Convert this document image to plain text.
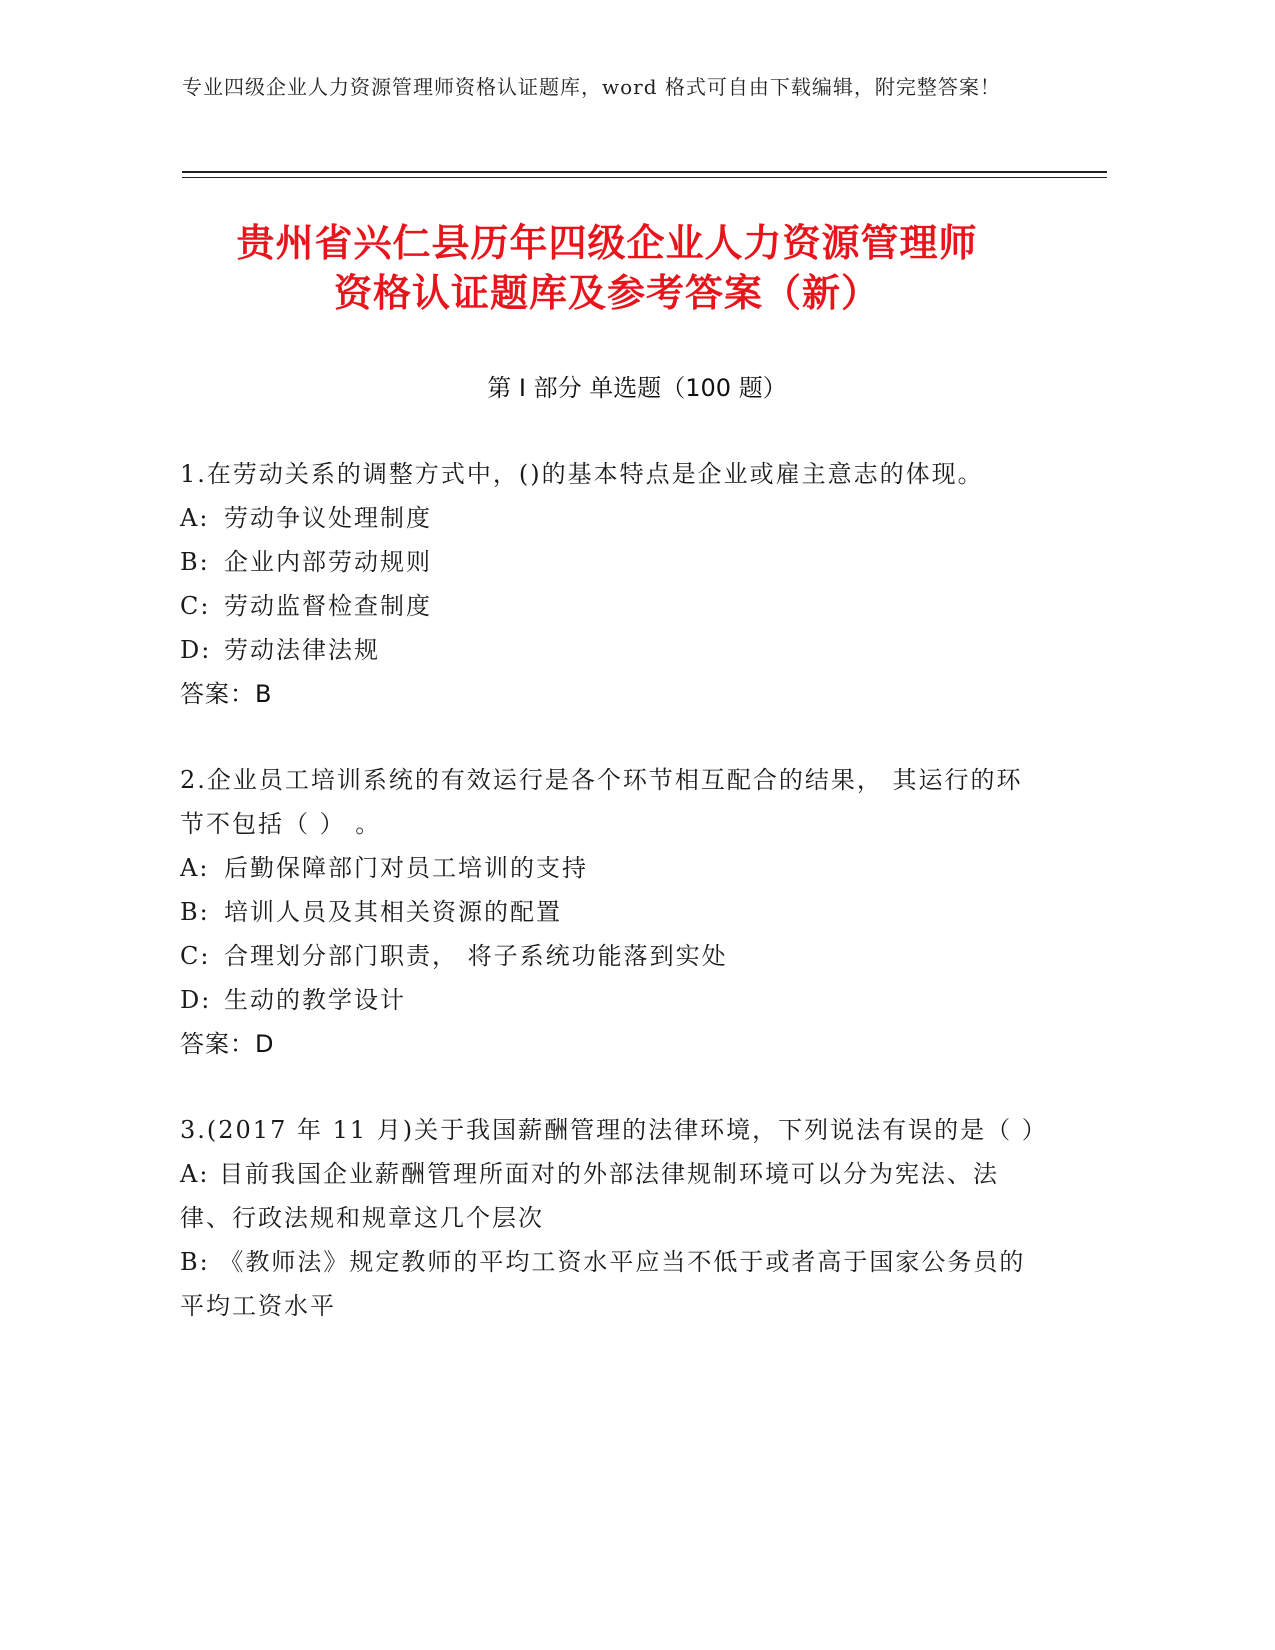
专业四级企业人力资源管理师资格认证题库，word 格式可自由下载编辑，附完整答案！
贵州省兴仁县历年四级企业人力资源管理师
资格认证题库及参考答案（新）
第 I 部分 单选题（100 题）

1.在劳动关系的调整方式中，()的基本特点是企业或雇主意志的体现。

A: 劳动争议处理制度

B: 企业内部劳动规则

C: 劳动监督检查制度

D: 劳动法律法规

答案：B

2.企业员工培训系统的有效运行是各个环节相互配合的结果， 其运行的环节不包括（ ） 。

A: 后勤保障部门对员工培训的支持

B: 培训人员及其相关资源的配置

C: 合理划分部门职责， 将子系统功能落到实处

D: 生动的教学设计

答案：D

3.(2017 年 11 月)关于我国薪酬管理的法律环境，下列说法有误的是（ ）

A: 目前我国企业薪酬管理所面对的外部法律规制环境可以分为宪法、法律、行政法规和规章这几个层次

B: 《教师法》规定教师的平均工资水平应当不低于或者高于国家公务员的平均工资水平
